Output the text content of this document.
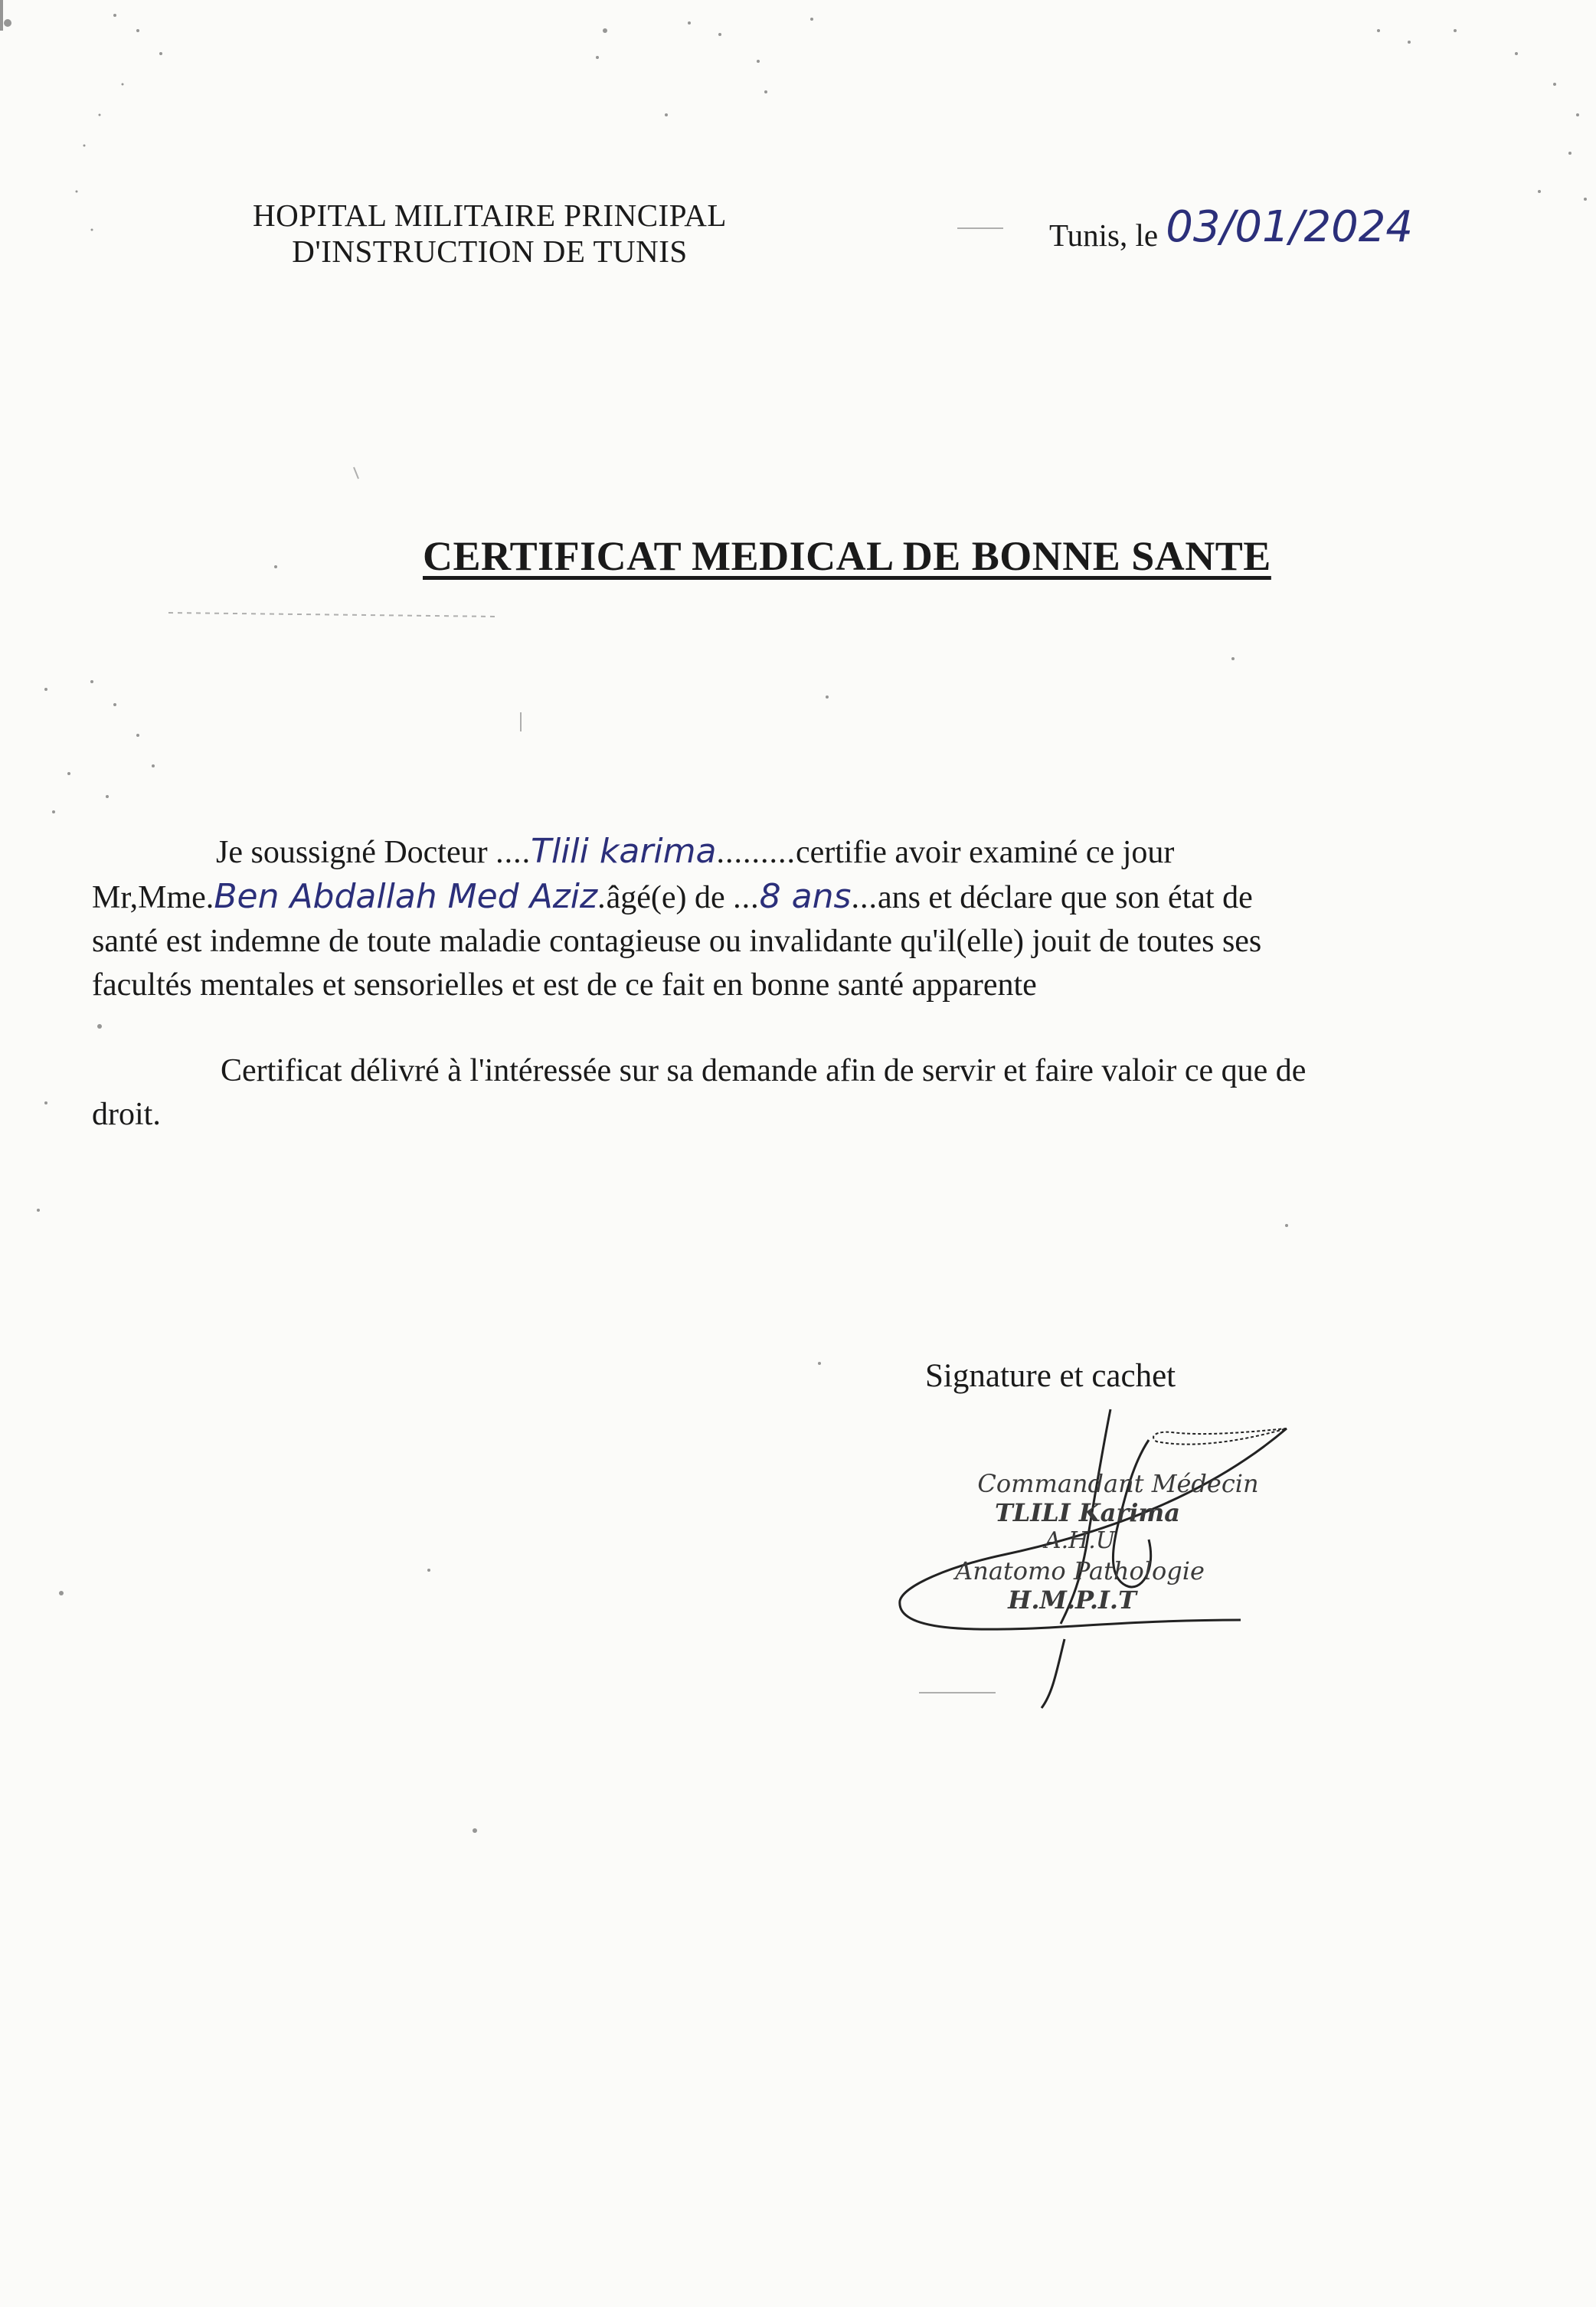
HOPITAL MILITAIRE PRINCIPAL
D'INSTRUCTION DE TUNIS	Tunis, le 03/01/2024
CERTIFICAT MEDICAL DE BONNE SANTE
Je soussigné Docteur ....Tlili karima.........certifie avoir examiné ce jour
Mr,Mme.Ben Abdallah Med Aziz.âgé(e) de ...8 ans...ans et déclare que son état de
santé est indemne de toute maladie contagieuse ou invalidante qu'il(elle) jouit de toutes ses
facultés mentales et sensorielles et est de ce fait en bonne santé apparente
Certificat délivré à l'intéressée sur sa demande afin de servir et faire valoir ce que de
droit.
Signature et cachet
Commandant Médecin
TLILI Karima
A.H.U
Anatomo Pathologie
H.M.P.I.T
